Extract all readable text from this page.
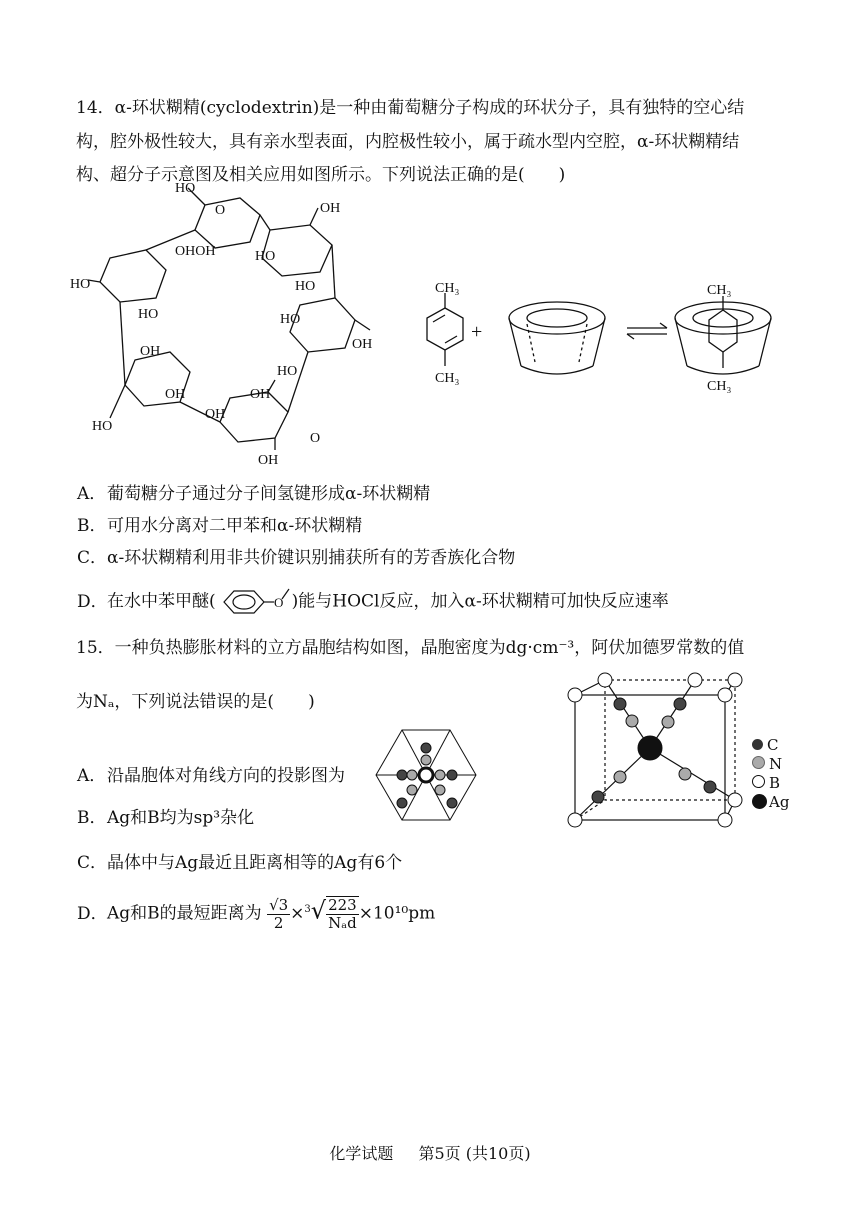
14．α-环状糊精(cyclodextrin)是一种由葡萄糖分子构成的环状分子，具有独特的空心结
构，腔外极性较大，具有亲水型表面，内腔极性较小，属于疏水型内空腔，α-环状糊精结
构、超分子示意图及相关应用如图所示。下列说法正确的是(　　)
HO
OH
OHOH	HO
HO	HO
HO	HO
OH	OH
HO
OH	OH
OH
HO
OH
O
O
CH₃
CH₃
+
CH₃
CH₃
A．葡萄糖分子通过分子间氢键形成α-环状糊精
B．可用水分离对二甲苯和α-环状糊精
C．α-环状糊精利用非共价键识别捕获所有的芳香族化合物
D．在水中苯甲醚(	O )能与HOCl反应，加入α-环状糊精可加快反应速率
15．一种负热膨胀材料的立方晶胞结构如图，晶胞密度为dg·cm⁻³，阿伏加德罗常数的值
为Nₐ，下列说法错误的是(　　)
C
N
B
Ag
A．沿晶胞体对角线方向的投影图为
B．Ag和B均为sp³杂化
C．晶体中与Ag最近且距离相等的Ag有6个
D．Ag和B的最短距离为 $\frac{√3}{2} \times^3√ \frac{223}{\text{Nₐd}} \times 10^{10}pm$
化学试题 第5页 (共10页)
